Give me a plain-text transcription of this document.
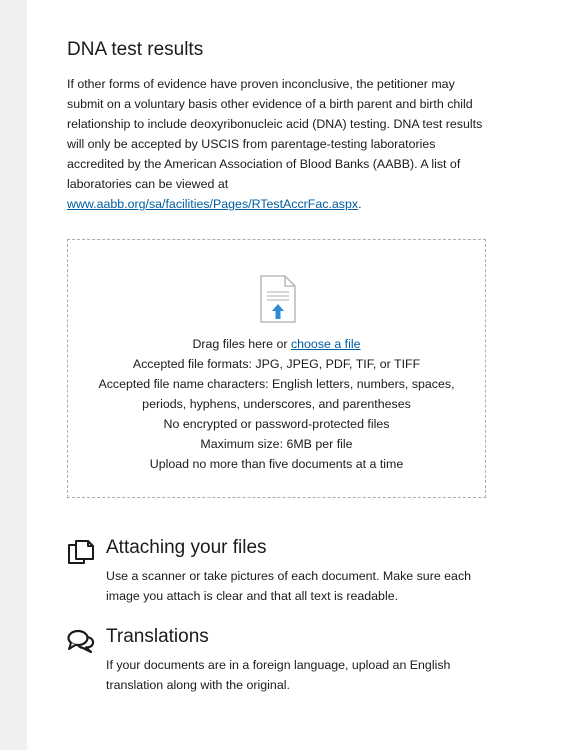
DNA test results

If other forms of evidence have proven inconclusive, the petitioner may submit on a voluntary basis other evidence of a birth parent and birth child relationship to include deoxyribonucleic acid (DNA) testing. DNA test results will only be accepted by USCIS from parentage-testing laboratories accredited by the American Association of Blood Banks (AABB). A list of laboratories can be viewed at www.aabb.org/sa/facilities/Pages/RTestAccrFac.aspx.

Drag files here or choose a file
Accepted file formats: JPG, JPEG, PDF, TIF, or TIFF
Accepted file name characters: English letters, numbers, spaces,
periods, hyphens, underscores, and parentheses
No encrypted or password-protected files
Maximum size: 6MB per file
Upload no more than five documents at a time
Attaching your files

Use a scanner or take pictures of each document. Make sure each image you attach is clear and that all text is readable.

Translations

If your documents are in a foreign language, upload an English translation along with the original.
